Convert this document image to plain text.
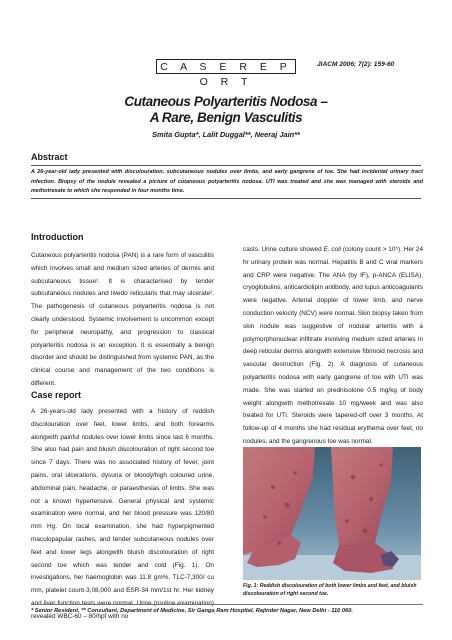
C A S E R E P O R T
JIACM 2006; 7(2): 159-60
Cutaneous Polyarteritis Nodosa –
A Rare, Benign Vasculitis
Smita Gupta*, Lalit Duggal**, Neeraj Jain**
Abstract
A 26-year-old lady presented with discolouration, subcutaneous nodules over limbs, and early gangrene of toe. She had incidental urinary tract infection. Biopsy of the nodule revealed a picture of cutaneous polyarteritis nodosa. UTI was treated and she was managed with steroids and methotrexate to which she responded in four months time.
Introduction
Cutaneous polyarteritis nodosa (PAN) is a rare form of vasculitis which involves small and medium sized arteries of dermis and subcutaneous tissue¹. It is characterised by tender subcutaneous nodules and livedo reticularis that may ulcerate². The pathogenesis of cutaneous polyarteritis nodosa is not clearly understood. Systemic involvement is uncommon except for peripheral neuropathy, and progression to classical polyarteritis nodosa is an exception. It is essentially a benign disorder and should be distinguished from systemic PAN, as the clinical course and management of the two conditions is different.
Case report
A 26-years-old lady presented with a history of reddish discolouration over feet, lower limbs, and both forearms alongwith painful nodules over lower limbs since last 6 months. She also had pain and bluish discolouration of right second toe since 7 days. There was no associated history of fever, joint pains, oral ulcerations, dysuria or bloody/high coloured urine, abdominal pain, headache, or paraesthesias of limbs. She was not a known hypertensive. General physical and systemic examination were normal, and her blood pressure was 120/80 mm Hg. On local examination, she had hyperpigmented maculopapular rashes, and tender subcutaneous nodules over feet and lower legs alongwith bluish discolouration of right second toe which was tender and cold (Fig. 1). On investigations, her haemoglobin was 11.8 gm%, TLC-7,300/ cu mm, platelet count-3,08,000 and ESR-34 mm/1st hr. Her kidney and liver function tests were normal. Urine (routine examination) revealed WBC-60 – 80/hpf with no
casts. Urine culture showed E. coli (colony count > 10⁵). Her 24 hr urinary protein was normal. Hepatitis B and C viral markers and CRP were negative. The ANA (by IF), p-ANCA (ELISA), cryoglobulins, anticardiolipin antibody, and lupus anticoagulants were negative. Arterial doppler of lower limb, and nerve conduction velocity (NCV) were normal. Skin biopsy taken from skin nodule was suggestive of nodular arteritis with a polymorphonuclear infiltrate involving medium sized arteries in deep reticular dermis alongwith extensive fibrinoid necrosis and vascular destruction (Fig. 2). A diagnosis of cutaneous polyarteritis nodosa with early gangrene of toe with UTI was made. She was started on prednisolone 0.5 mg/kg of body weight alongwith methotrexate 10 mg/week and was also treated for UTI. Steroids were tapered-off over 3 months. At follow-up of 4 months she had residual erythema over feet, no nodules, and the gangrenous toe was normal.
Fig. 1: Reddish discolouration of both lower limbs and feet, and bluish discolouration of right second toe.
* Senior Resident, ** Consultant, Department of Medicine, Sir Ganga Ram Hospital, Rajinder Nagar, New Delhi - 110 060.
